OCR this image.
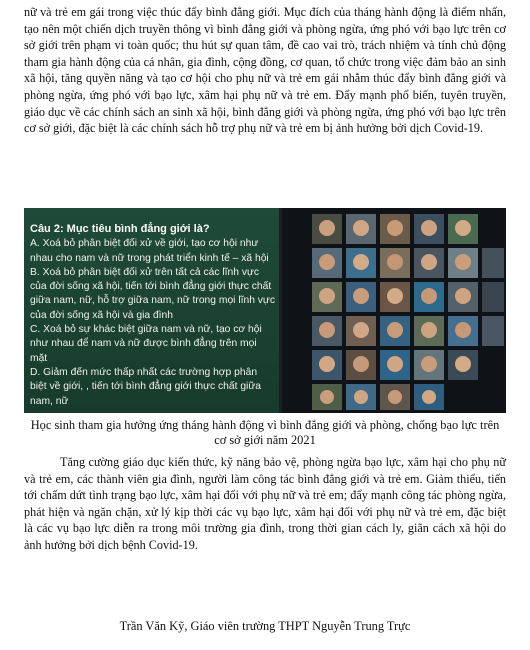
nữ và trẻ em gái trong việc thúc đẩy bình đẳng giới. Mục đích của tháng hành động là điểm nhấn, tạo nên một chiến dịch truyền thông vì bình đẳng giới và phòng ngừa, ứng phó với bạo lực trên cơ sở giới trên phạm vi toàn quốc; thu hút sự quan tâm, đề cao vai trò, trách nhiệm và tính chủ động tham gia hành động của cá nhân, gia đình, cộng đồng, cơ quan, tổ chức trong việc đảm bảo an sinh xã hội, tăng quyền năng và tạo cơ hội cho phụ nữ và trẻ em gái nhằm thúc đẩy bình đẳng giới và phòng ngừa, ứng phó với bạo lực, xâm hại phụ nữ và trẻ em. Đẩy mạnh phổ biến, tuyên truyền, giáo dục về các chính sách an sinh xã hội, bình đẳng giới và phòng ngừa, ứng phó với bạo lực trên cơ sở giới, đặc biệt là các chính sách hỗ trợ phụ nữ và trẻ em bị ảnh hưởng bởi dịch Covid-19.

Câu 2: Mục tiêu bình đẳng giới là?
A. Xoá bỏ phân biệt đối xử về giới, tạo cơ hội như nhau cho nam và nữ trong phát triển kinh tế – xã hội
B. Xoá bỏ phân biệt đối xử trên tất cả các lĩnh vực của đời sống xã hội, tiến tới bình đẳng giới thực chất giữa nam, nữ, hỗ trợ giữa nam, nữ trong mọi lĩnh vực của đời sống xã hội và gia đình
C. Xoá bỏ sự khác biệt giữa nam và nữ, tạo cơ hội như nhau để nam và nữ được bình đẳng trên mọi mặt
D. Giảm đến mức thấp nhất các trường hợp phân biệt về giới, , tiến tới bình đẳng giới thực chất giữa nam, nữ

Học sinh tham gia hưởng ứng tháng hành động vì bình đẳng giới và phòng, chống bạo lực trên cơ sở giới năm 2021

Tăng cường giáo dục kiến thức, kỹ năng bảo vệ, phòng ngừa bạo lực, xâm hại cho phụ nữ và trẻ em, các thành viên gia đình, người làm công tác bình đẳng giới và trẻ em. Giảm thiểu, tiến tới chấm dứt tình trạng bạo lực, xâm hại đối với phụ nữ và trẻ em; đẩy mạnh công tác phòng ngừa, phát hiện và ngăn chặn, xử lý kịp thời các vụ bạo lực, xâm hại đối với phụ nữ và trẻ em, đặc biệt là các vụ bạo lực diễn ra trong môi trường gia đình, trong thời gian cách ly, giãn cách xã hội do ảnh hưởng bởi dịch bệnh Covid-19.

Trần Văn Kỹ, Giáo viên trường THPT Nguyễn Trung Trực
